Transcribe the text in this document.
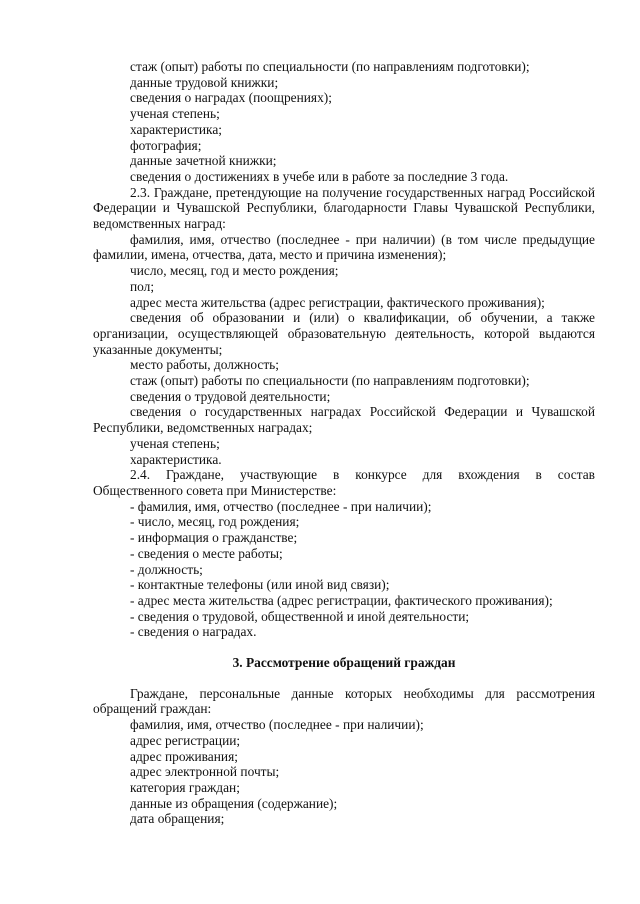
стаж (опыт) работы по специальности (по направлениям подготовки);

данные трудовой книжки;

сведения о наградах (поощрениях);

ученая степень;

характеристика;

фотография;

данные зачетной книжки;

сведения о достижениях в учебе или в работе за последние 3 года.

2.3. Граждане, претендующие на получение государственных наград Российской Федерации и Чувашской Республики, благодарности Главы Чувашской Республики, ведомственных наград:

фамилия, имя, отчество (последнее - при наличии) (в том числе предыдущие фамилии, имена, отчества, дата, место и причина изменения);

число, месяц, год и место рождения;

пол;

адрес места жительства (адрес регистрации, фактического проживания);

сведения об образовании и (или) о квалификации, об обучении, а также организации, осуществляющей образовательную деятельность, которой выдаются указанные документы;

место работы, должность;

стаж (опыт) работы по специальности (по направлениям подготовки);

сведения о трудовой деятельности;

сведения о государственных наградах Российской Федерации и Чувашской Республики, ведомственных наградах;

ученая степень;

характеристика.

2.4. Граждане, участвующие в конкурсе для вхождения в состав

Общественного совета при Министерстве:

- фамилия, имя, отчество (последнее - при наличии);

- число, месяц, год рождения;

- информация о гражданстве;

- сведения о месте работы;

- должность;

- контактные телефоны (или иной вид связи);

- адрес места жительства (адрес регистрации, фактического проживания);

- сведения о трудовой, общественной и иной деятельности;

- сведения о наградах.

3. Рассмотрение обращений граждан

Граждане, персональные данные которых необходимы для рассмотрения обращений граждан:

фамилия, имя, отчество (последнее - при наличии);

адрес регистрации;

адрес проживания;

адрес электронной почты;

категория граждан;

данные из обращения (содержание);

дата обращения;
